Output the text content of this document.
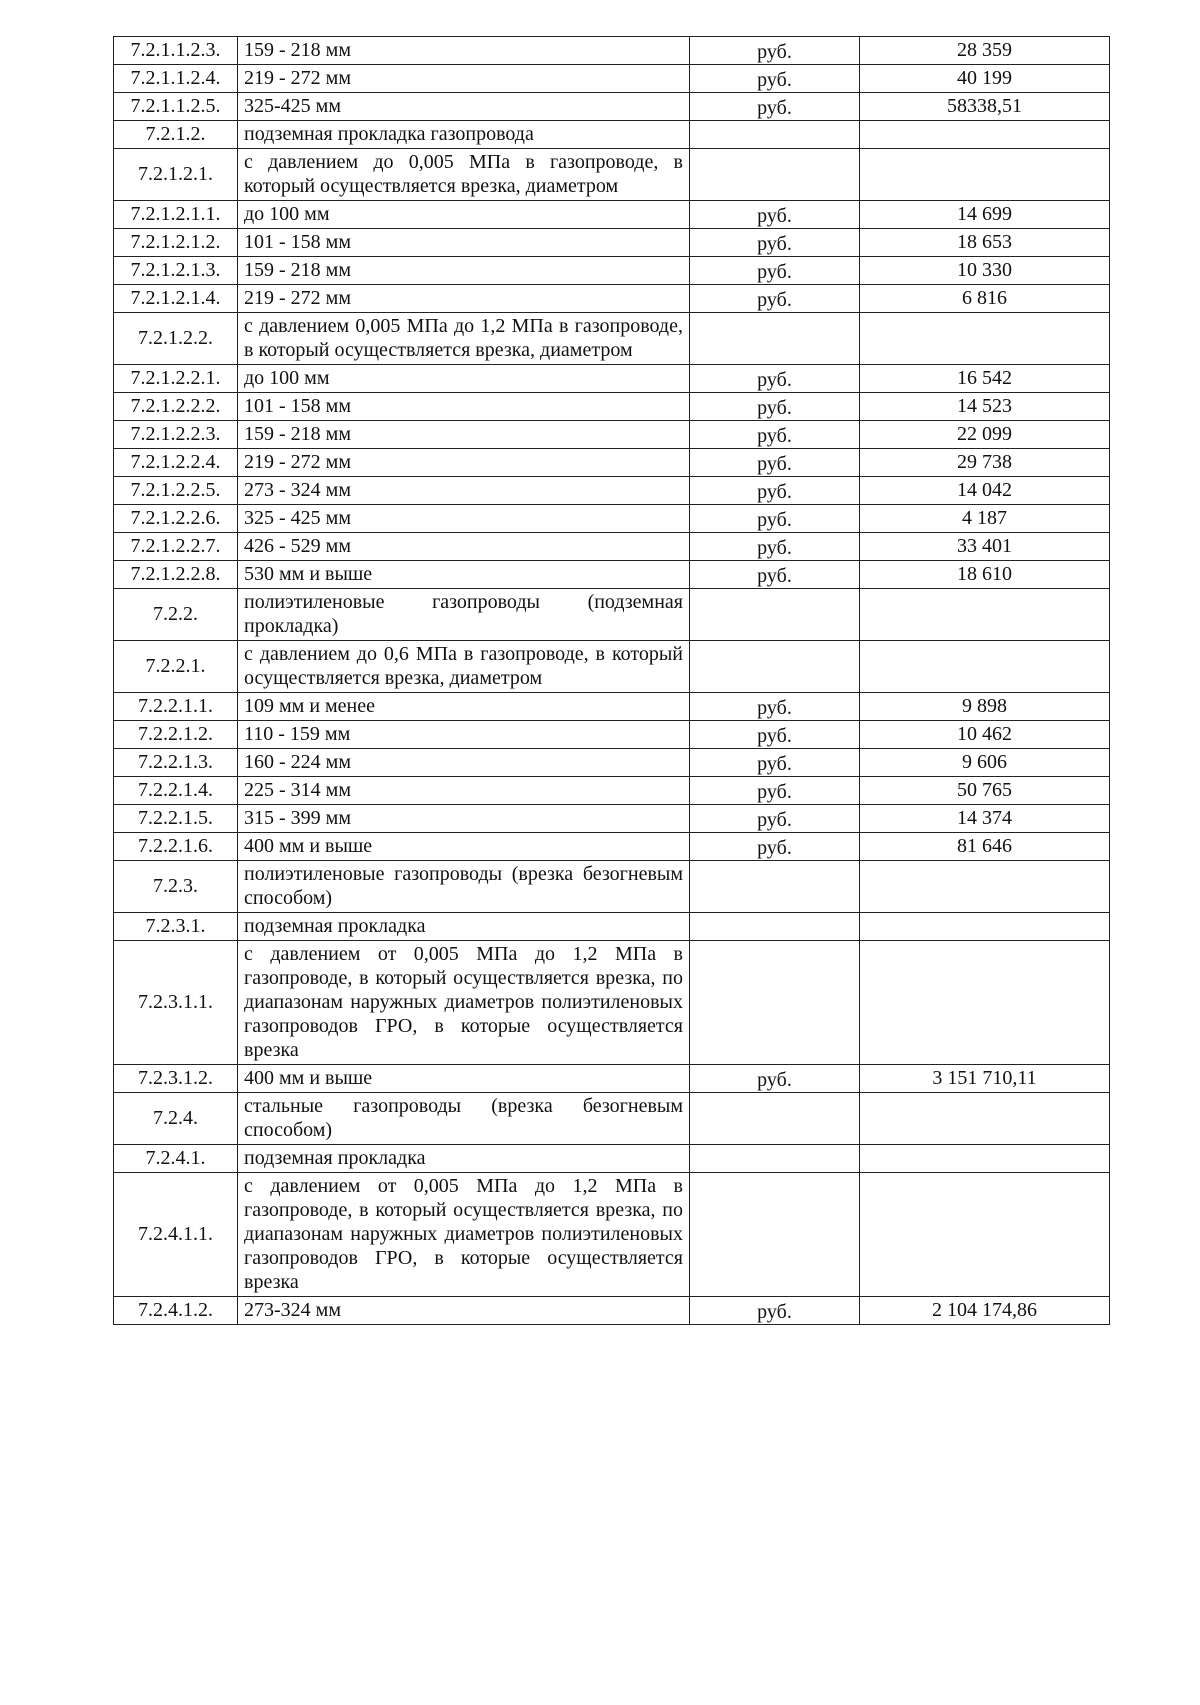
7.2.1.1.2.3.	159 - 218 мм	руб.	28 359
7.2.1.1.2.4.	219 - 272 мм	руб.	40 199
7.2.1.1.2.5.	325-425 мм	руб.	58338,51
7.2.1.2.	подземная прокладка газопровода		
7.2.1.2.1.	с давлением до 0,005 МПа в газопроводе, в который осуществляется врезка, диаметром		
7.2.1.2.1.1.	до 100 мм	руб.	14 699
7.2.1.2.1.2.	101 - 158 мм	руб.	18 653
7.2.1.2.1.3.	159 - 218 мм	руб.	10 330
7.2.1.2.1.4.	219 - 272 мм	руб.	6 816
7.2.1.2.2.	с давлением 0,005 МПа до 1,2 МПа в газопроводе, в который осуществляется врезка, диаметром		
7.2.1.2.2.1.	до 100 мм	руб.	16 542
7.2.1.2.2.2.	101 - 158 мм	руб.	14 523
7.2.1.2.2.3.	159 - 218 мм	руб.	22 099
7.2.1.2.2.4.	219 - 272 мм	руб.	29 738
7.2.1.2.2.5.	273 - 324 мм	руб.	14 042
7.2.1.2.2.6.	325 - 425 мм	руб.	4 187
7.2.1.2.2.7.	426 - 529 мм	руб.	33 401
7.2.1.2.2.8.	530 мм и выше	руб.	18 610
7.2.2.	полиэтиленовые газопроводы (подземная прокладка)		
7.2.2.1.	с давлением до 0,6 МПа в газопроводе, в который осуществляется врезка, диаметром		
7.2.2.1.1.	109 мм и менее	руб.	9 898
7.2.2.1.2.	110 - 159 мм	руб.	10 462
7.2.2.1.3.	160 - 224 мм	руб.	9 606
7.2.2.1.4.	225 - 314 мм	руб.	50 765
7.2.2.1.5.	315 - 399 мм	руб.	14 374
7.2.2.1.6.	400 мм и выше	руб.	81 646
7.2.3.	полиэтиленовые газопроводы (врезка безогневым способом)		
7.2.3.1.	подземная прокладка		
7.2.3.1.1.	с давлением от 0,005 МПа до 1,2 МПа в газопроводе, в который осуществляется врезка, по диапазонам наружных диаметров полиэтиленовых газопроводов ГРО, в которые осуществляется врезка		
7.2.3.1.2.	400 мм и выше	руб.	3 151 710,11
7.2.4.	стальные газопроводы (врезка безогневым способом)		
7.2.4.1.	подземная прокладка		
7.2.4.1.1.	с давлением от 0,005 МПа до 1,2 МПа в газопроводе, в который осуществляется врезка, по диапазонам наружных диаметров полиэтиленовых газопроводов ГРО, в которые осуществляется врезка		
7.2.4.1.2.	273-324 мм	руб.	2 104 174,86
